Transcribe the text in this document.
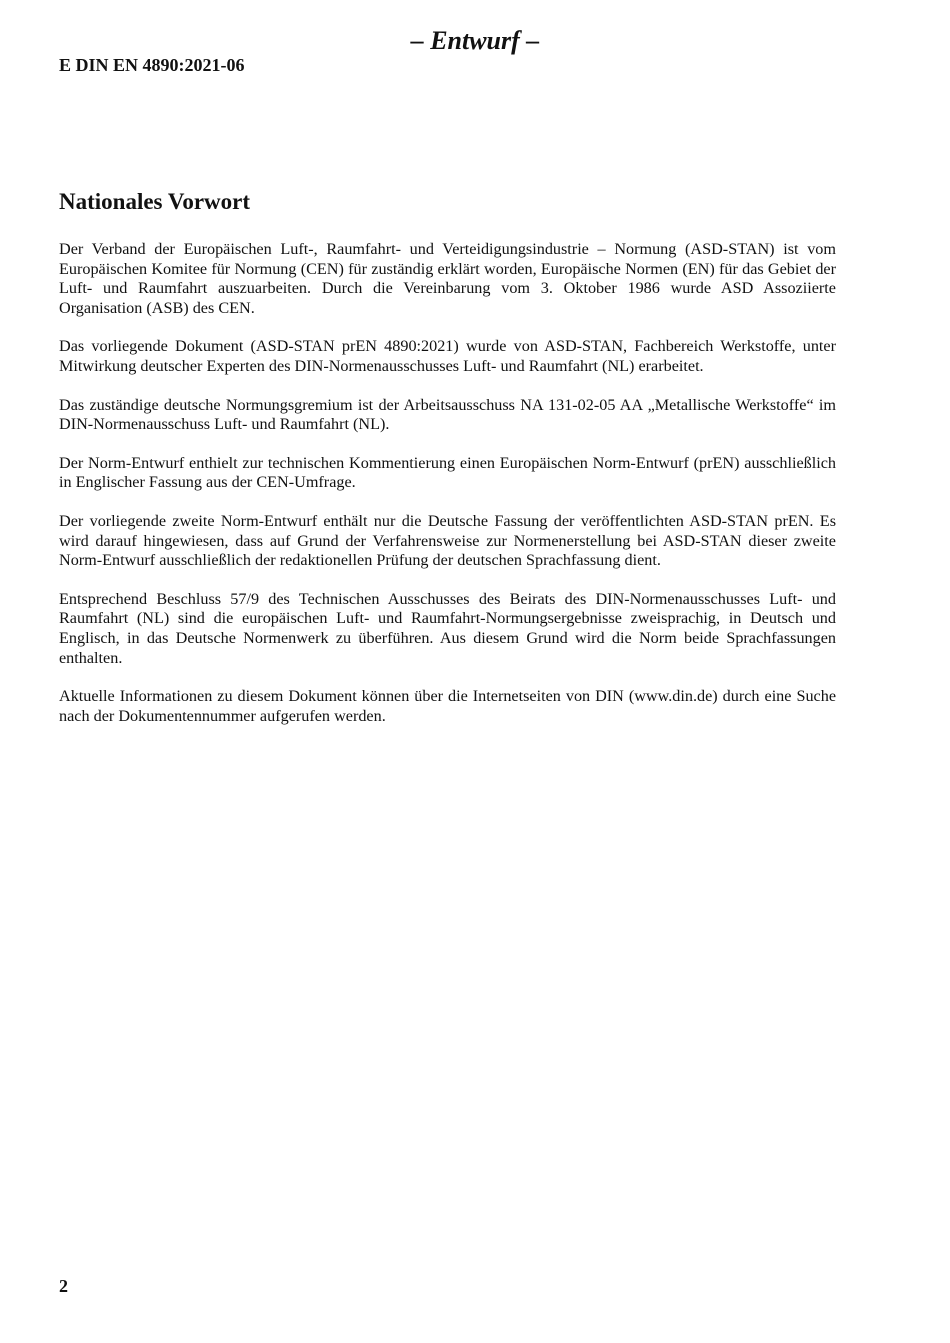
– Entwurf –
E DIN EN 4890:2021-06
Nationales Vorwort

Der Verband der Europäischen Luft-, Raumfahrt- und Verteidigungsindustrie – Normung (ASD-STAN) ist vom Europäischen Komitee für Normung (CEN) für zuständig erklärt worden, Europäische Normen (EN) für das Gebiet der Luft- und Raumfahrt auszuarbeiten. Durch die Vereinbarung vom 3. Oktober 1986 wurde ASD Assoziierte Organisation (ASB) des CEN.

Das vorliegende Dokument (ASD-STAN prEN 4890:2021) wurde von ASD-STAN, Fachbereich Werkstoffe, unter Mitwirkung deutscher Experten des DIN-Normenausschusses Luft- und Raumfahrt (NL) erarbeitet.

Das zuständige deutsche Normungsgremium ist der Arbeitsausschuss NA 131-02-05 AA „Metallische Werkstoffe“ im DIN-Normenausschuss Luft- und Raumfahrt (NL).

Der Norm-Entwurf enthielt zur technischen Kommentierung einen Europäischen Norm-Entwurf (prEN) ausschließlich in Englischer Fassung aus der CEN-Umfrage.

Der vorliegende zweite Norm-Entwurf enthält nur die Deutsche Fassung der veröffentlichten ASD-STAN prEN. Es wird darauf hingewiesen, dass auf Grund der Verfahrensweise zur Normenerstellung bei ASD-STAN dieser zweite Norm-Entwurf ausschließlich der redaktionellen Prüfung der deutschen Sprachfassung dient.

Entsprechend Beschluss 57/9 des Technischen Ausschusses des Beirats des DIN-Normenausschusses Luft- und Raumfahrt (NL) sind die europäischen Luft- und Raumfahrt-Normungsergebnisse zweisprachig, in Deutsch und Englisch, in das Deutsche Normenwerk zu überführen. Aus diesem Grund wird die Norm beide Sprachfassungen enthalten.

Aktuelle Informationen zu diesem Dokument können über die Internetseiten von DIN (www.din.de) durch eine Suche nach der Dokumentennummer aufgerufen werden.

2
